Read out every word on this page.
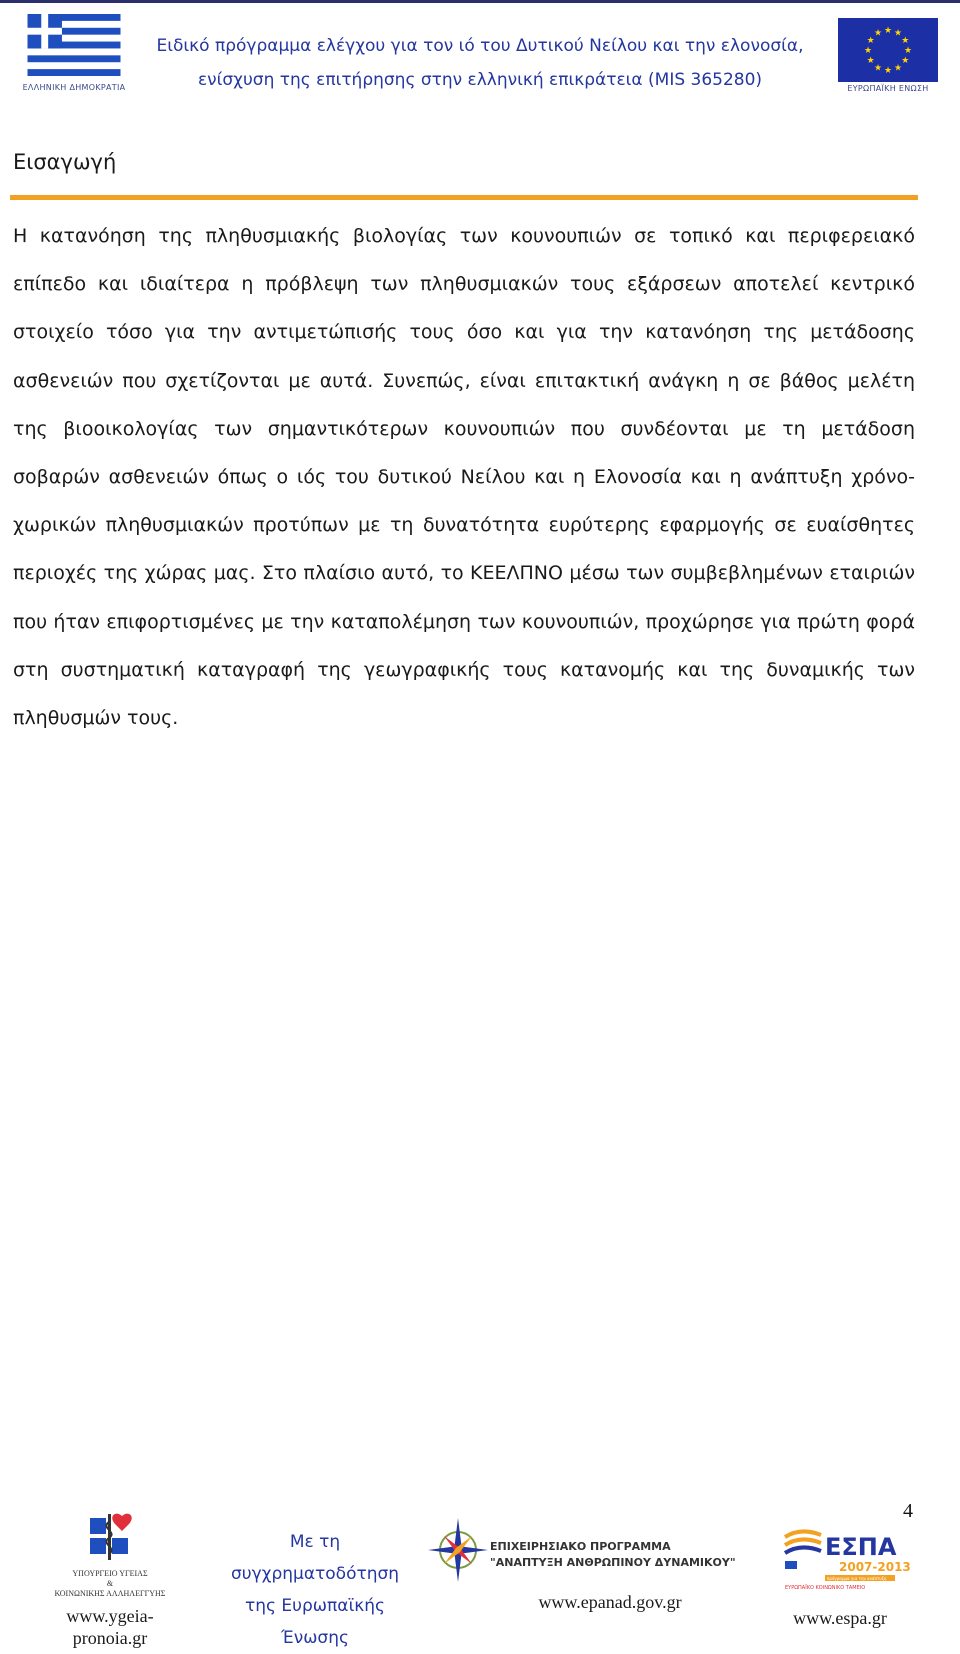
ΕΛΛΗΝΙΚΗ ΔΗΜΟΚΡΑΤΙΑ
Ειδικό πρόγραμμα ελέγχου για τον ιό του Δυτικού Νείλου και την ελονοσία,
ενίσχυση της επιτήρησης στην ελληνική επικράτεια (MIS 365280)
★ ★
★
★
★
★
★
★
★
★
★
★
ΕΥΡΩΠΑΪΚΗ ΕΝΩΣΗ
Εισαγωγή
Η κατανόηση της πληθυσμιακής βιολογίας των κουνουπιών σε τοπικό και περιφερειακό επίπεδο και ιδιαίτερα η πρόβλεψη των πληθυσμιακών τους εξάρσεων αποτελεί κεντρικό στοιχείο τόσο για την αντιμετώπισής τους όσο και για την κατανόηση της μετάδοσης ασθενειών που σχετίζονται με αυτά. Συνεπώς, είναι επιτακτική ανάγκη η σε βάθος μελέτη της βιοοικολογίας των σημαντικότερων κουνουπιών που συνδέονται με τη μετάδοση σοβαρών ασθενειών όπως ο ιός του δυτικού Νείλου και η Ελονοσία και η ανάπτυξη χρόνο-χωρικών πληθυσμιακών προτύπων με τη δυνατότητα ευρύτερης εφαρμογής σε ευαίσθητες περιοχές της χώρας μας. Στο πλαίσιο αυτό, το ΚΕΕΛΠΝΟ μέσω των συμβεβλημένων εταιριών που ήταν επιφορτισμένες με την καταπολέμηση των κουνουπιών, προχώρησε για πρώτη φορά στη συστηματική καταγραφή της γεωγραφικής τους κατανομής και της δυναμικής των πληθυσμών τους.
4
ΥΠΟΥΡΓΕΙΟ ΥΓΕΙΑΣ
&
ΚΟΙΝΩΝΙΚΗΣ ΑΛΛΗΛΕΓΓΥΗΣ
www.ygeia-
pronoia.gr
Με τη
συγχρηματοδότηση
της Ευρωπαϊκής
Ένωσης
ΕΠΙΧΕΙΡΗΣΙΑΚΟ ΠΡΟΓΡΑΜΜΑ
"ΑΝΑΠΤΥΞΗ ΑΝΘΡΩΠΙΝΟΥ ΔΥΝΑΜΙΚΟΥ"
www.epanad.gov.gr
ΕΣΠΑ
2007-2013
πρόγραμμα για την ανάπτυξη
ΕΥΡΩΠΑΪΚΟ ΚΟΙΝΩΝΙΚΟ ΤΑΜΕΙΟ
www.espa.gr
